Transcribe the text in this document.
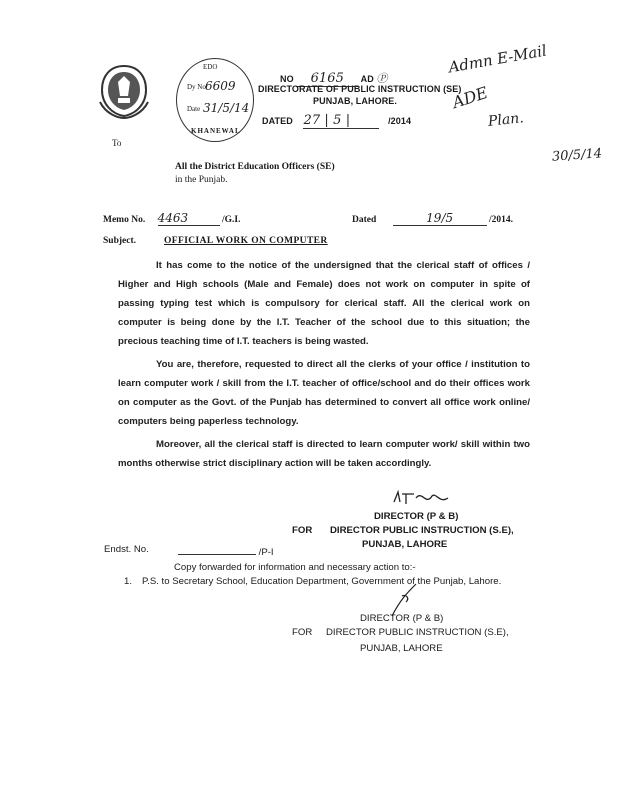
NO 6165 AD Ⓟ
DIRECTORATE OF PUBLIC INSTRUCTION (SE)
PUNJAB, LAHORE.
DATED 27 | 5 |	/2014
To
EDO
Dy No 6609
Date 31/5/14
KHANEWAL
Admn E-Mail
ADE
Plan.
30/5/14
All the District Education Officers (SE)
in the Punjab.
Memo No. 4463	/G.I.	Dated	19/5	/2014.
Subject.	OFFICIAL WORK ON COMPUTER

It has come to the notice of the undersigned that the clerical staff of offices / Higher and High schools (Male and Female) does not work on computer in spite of passing typing test which is compulsory for clerical staff. All the clerical work on computer is being done by the I.T. Teacher of the school due to this situation; the precious teaching time of I.T. teachers is being wasted.

You are, therefore, requested to direct all the clerks of your office / institution to learn computer work / skill from the I.T. teacher of office/school and do their offices work on computer as the Govt. of the Punjab has determined to convert all office work online/ computers being paperless technology.

Moreover, all the clerical staff is directed to learn computer work/ skill within two months otherwise strict disciplinary action will be taken accordingly.

DIRECTOR (P & B)
FOR DIRECTOR PUBLIC INSTRUCTION (S.E),
PUNJAB, LAHORE
Endst. No.	/P-I
Copy forwarded for information and necessary action to:-
1. P.S. to Secretary School, Education Department, Government of the Punjab, Lahore.
DIRECTOR (P & B)
FOR DIRECTOR PUBLIC INSTRUCTION (S.E),
PUNJAB, LAHORE
